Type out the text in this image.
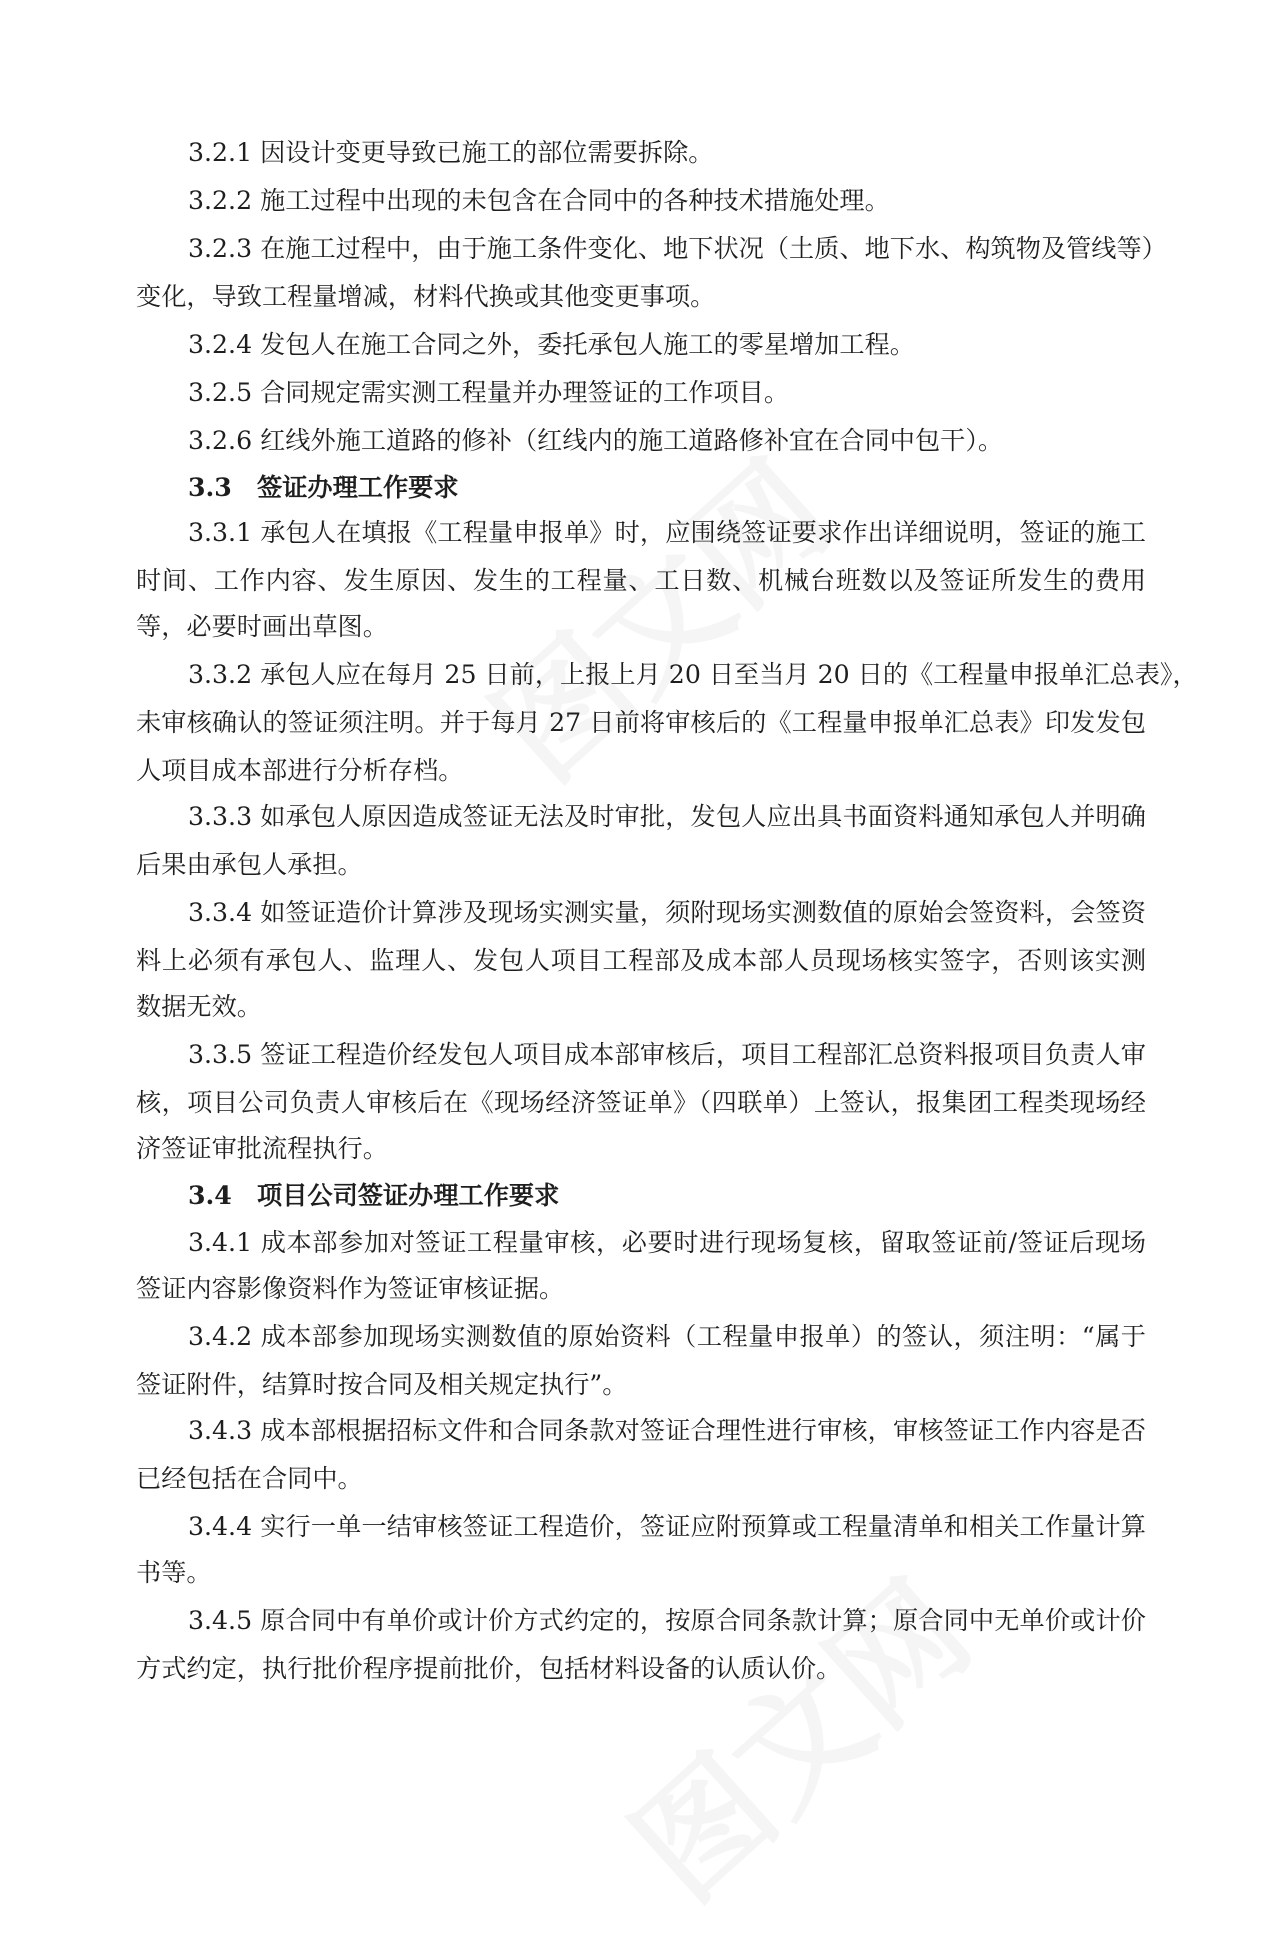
3.2.1 因设计变更导致已施工的部位需要拆除。
3.2.2 施工过程中出现的未包含在合同中的各种技术措施处理。
3.2.3 在施工过程中，由于施工条件变化、地下状况（土质、地下水、构筑物及管线等）
变化，导致工程量增减，材料代换或其他变更事项。
3.2.4 发包人在施工合同之外，委托承包人施工的零星增加工程。
3.2.5 合同规定需实测工程量并办理签证的工作项目。
3.2.6 红线外施工道路的修补（红线内的施工道路修补宜在合同中包干）。
3.3　签证办理工作要求
3.3.1 承包人在填报《工程量申报单》时，应围绕签证要求作出详细说明，签证的施工
时间、工作内容、发生原因、发生的工程量、工日数、机械台班数以及签证所发生的费用
等，必要时画出草图。
3.3.2 承包人应在每月 25 日前，上报上月 20 日至当月 20 日的《工程量申报单汇总表》，
未审核确认的签证须注明。并于每月 27 日前将审核后的《工程量申报单汇总表》印发发包
人项目成本部进行分析存档。
3.3.3 如承包人原因造成签证无法及时审批，发包人应出具书面资料通知承包人并明确
后果由承包人承担。
3.3.4 如签证造价计算涉及现场实测实量，须附现场实测数值的原始会签资料，会签资
料上必须有承包人、监理人、发包人项目工程部及成本部人员现场核实签字，否则该实测
数据无效。
3.3.5 签证工程造价经发包人项目成本部审核后，项目工程部汇总资料报项目负责人审
核，项目公司负责人审核后在《现场经济签证单》（四联单）上签认，报集团工程类现场经
济签证审批流程执行。
3.4　项目公司签证办理工作要求
3.4.1 成本部参加对签证工程量审核，必要时进行现场复核，留取签证前/签证后现场
签证内容影像资料作为签证审核证据。
3.4.2 成本部参加现场实测数值的原始资料（工程量申报单）的签认，须注明：“属于
签证附件，结算时按合同及相关规定执行”。
3.4.3 成本部根据招标文件和合同条款对签证合理性进行审核，审核签证工作内容是否
已经包括在合同中。
3.4.4 实行一单一结审核签证工程造价，签证应附预算或工程量清单和相关工作量计算
书等。
3.4.5 原合同中有单价或计价方式约定的，按原合同条款计算；原合同中无单价或计价
方式约定，执行批价程序提前批价，包括材料设备的认质认价。
